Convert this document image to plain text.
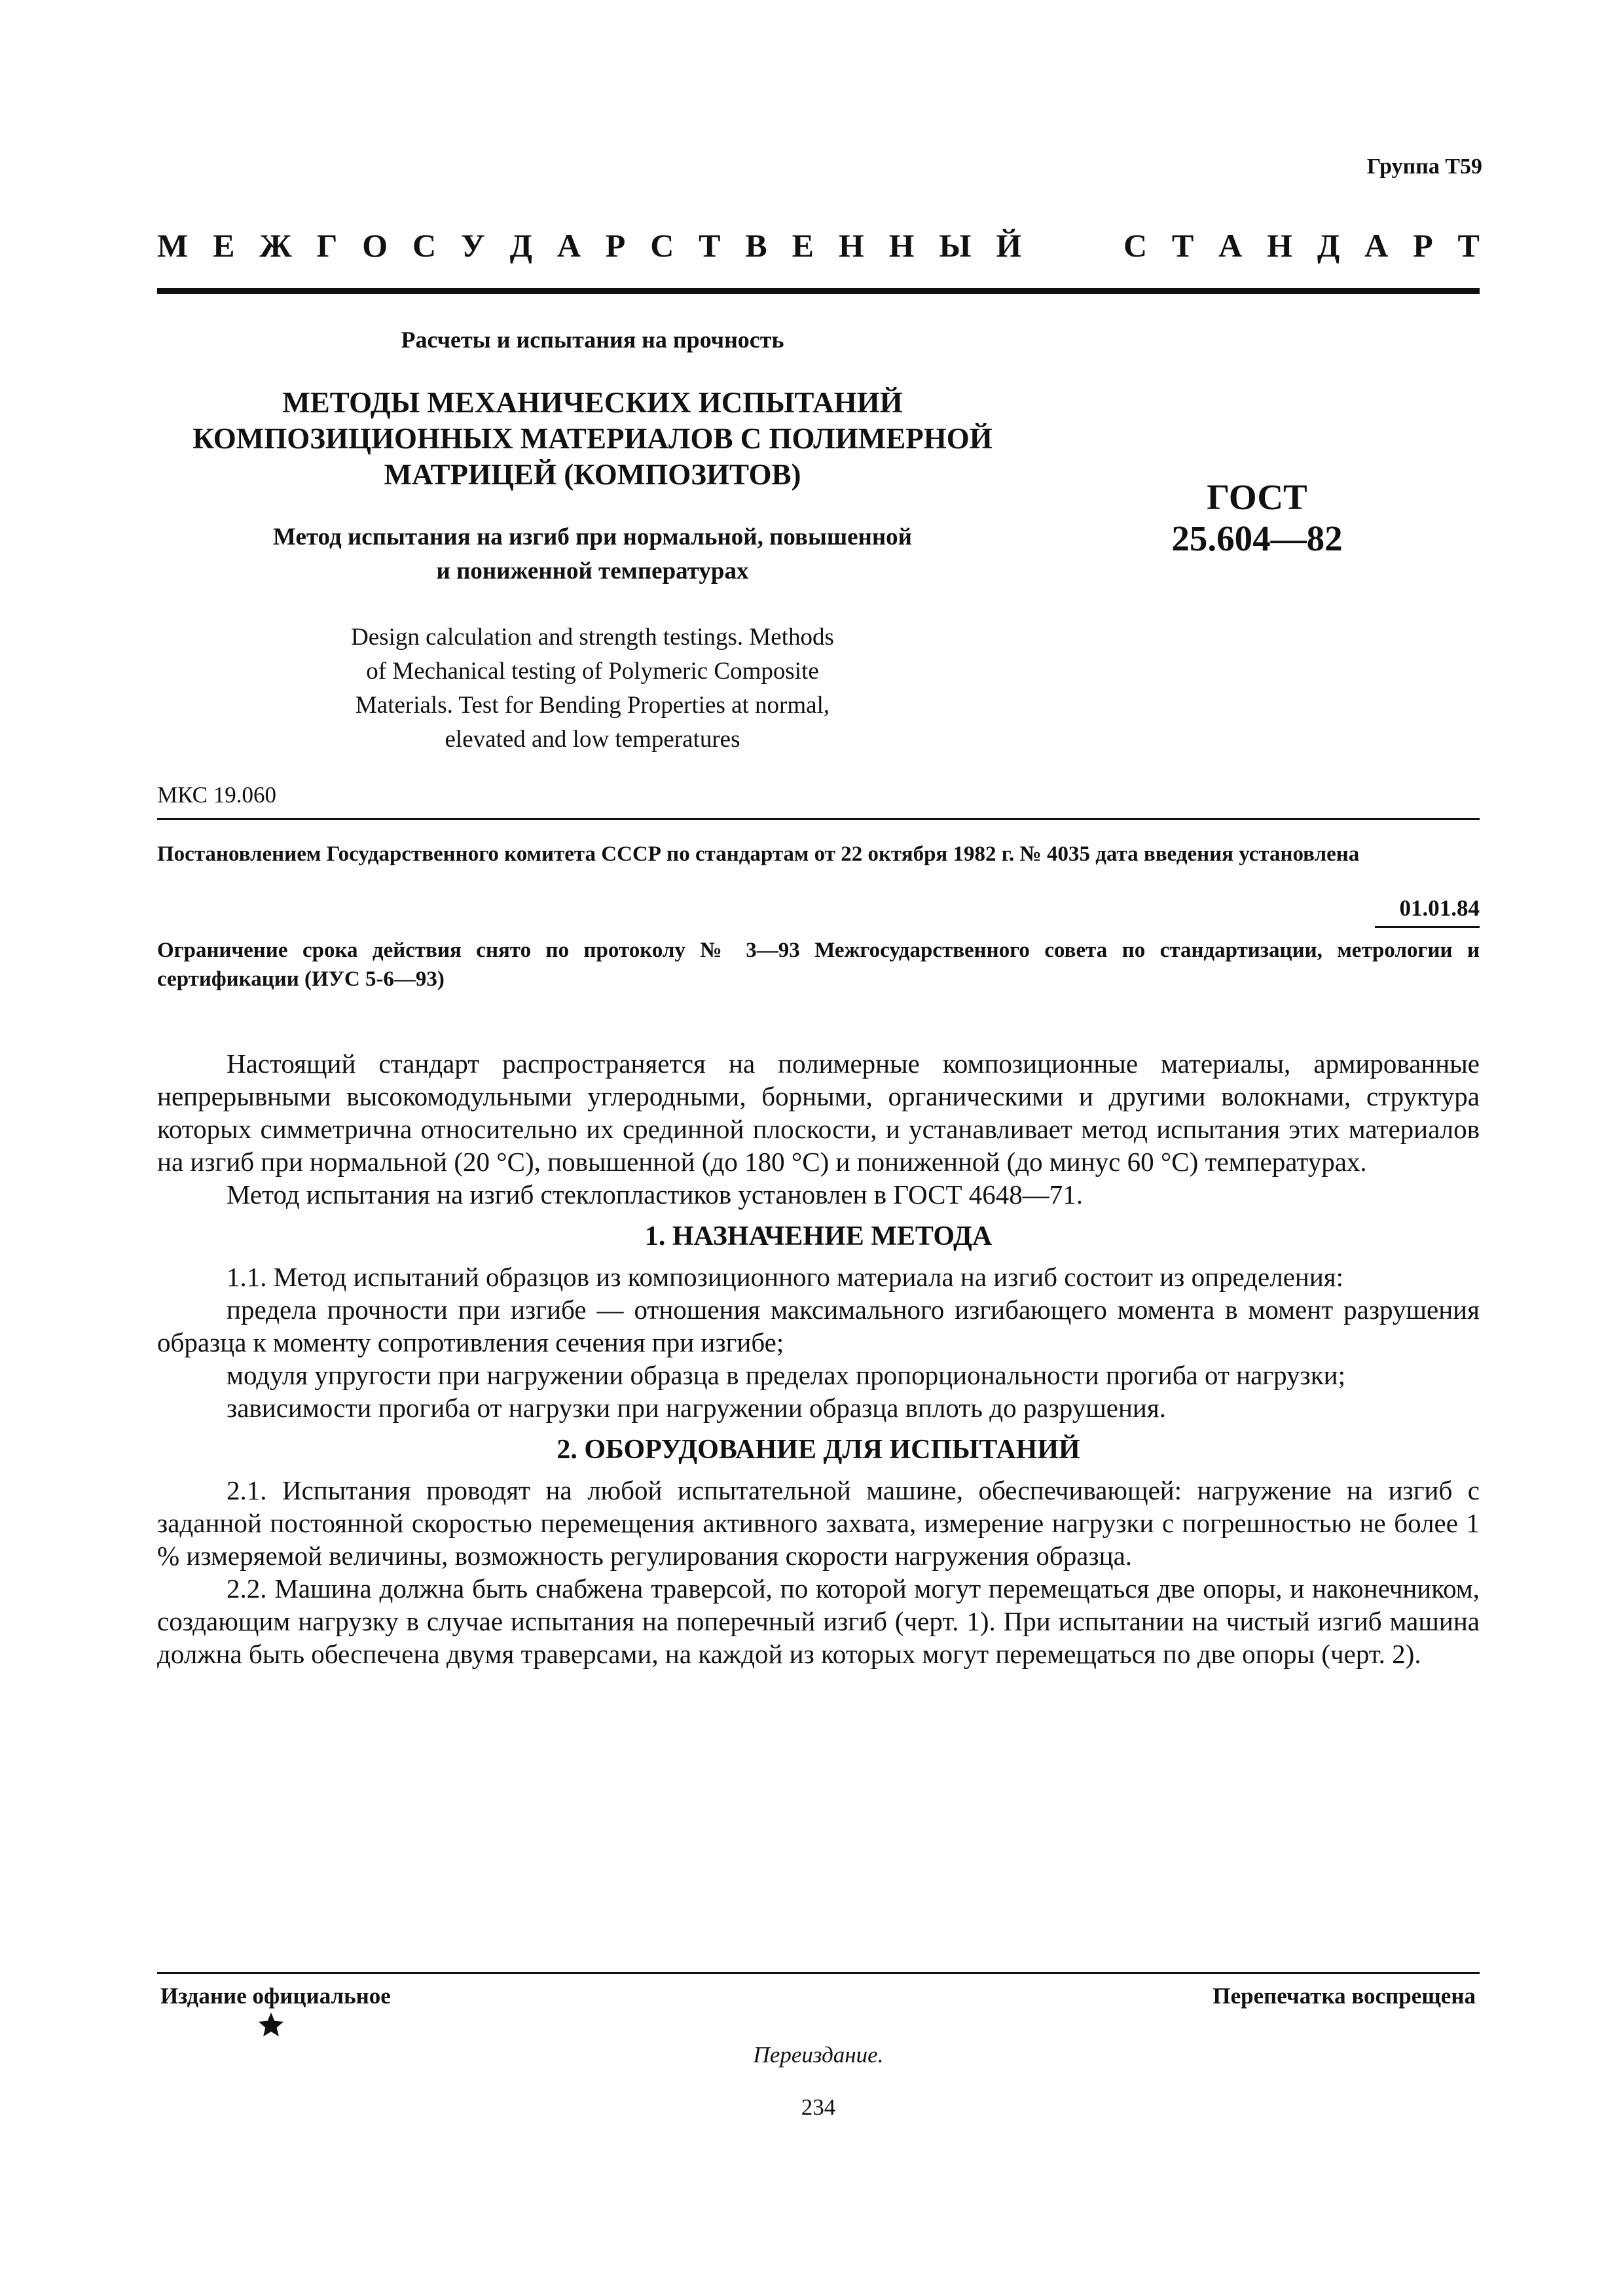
Группа Т59
М Е Ж Г О С У Д А Р С Т В Е Н Н Ы Й	С Т А Н Д А Р Т
Расчеты и испытания на прочность
МЕТОДЫ МЕХАНИЧЕСКИХ ИСПЫТАНИЙ
КОМПОЗИЦИОННЫХ МАТЕРИАЛОВ С ПОЛИМЕРНОЙ
МАТРИЦЕЙ (КОМПОЗИТОВ)
Метод испытания на изгиб при нормальной, повышенной
и пониженной температурах
Design calculation and strength testings. Methods
of Mechanical testing of Polymeric Composite
Materials. Test for Bending Properties at normal,
elevated and low temperatures
ГОСТ
25.604—82
МКС 19.060
Постановлением Государственного комитета СССР по стандартам от 22 октября 1982 г. № 4035 дата введения установлена
01.01.84
Ограничение срока действия снято по протоколу № 3—93 Межгосударственного совета по стандартизации, метрологии и сертификации (ИУС 5-6—93)

Настоящий стандарт распространяется на полимерные композиционные материалы, армированные непрерывными высокомодульными углеродными, борными, органическими и другими волокнами, структура которых симметрична относительно их срединной плоскости, и устанавливает метод испытания этих материалов на изгиб при нормальной (20 °С), повышенной (до 180 °С) и пониженной (до минус 60 °С) температурах.

Метод испытания на изгиб стеклопластиков установлен в ГОСТ 4648—71.

1. НАЗНАЧЕНИЕ МЕТОДА

1.1. Метод испытаний образцов из композиционного материала на изгиб состоит из определения:

предела прочности при изгибе — отношения максимального изгибающего момента в момент разрушения образца к моменту сопротивления сечения при изгибе;

модуля упругости при нагружении образца в пределах пропорциональности прогиба от нагрузки;

зависимости прогиба от нагрузки при нагружении образца вплоть до разрушения.

2. ОБОРУДОВАНИЕ ДЛЯ ИСПЫТАНИЙ

2.1. Испытания проводят на любой испытательной машине, обеспечивающей: нагружение на изгиб с заданной постоянной скоростью перемещения активного захвата, измерение нагрузки с погрешностью не более 1 % измеряемой величины, возможность регулирования скорости нагружения образца.

2.2. Машина должна быть снабжена траверсой, по которой могут перемещаться две опоры, и наконечником, создающим нагрузку в случае испытания на поперечный изгиб (черт. 1). При испытании на чистый изгиб машина должна быть обеспечена двумя траверсами, на каждой из которых могут перемещаться по две опоры (черт. 2).

Издание официальное	Перепечатка воспрещена
Переиздание.
234
